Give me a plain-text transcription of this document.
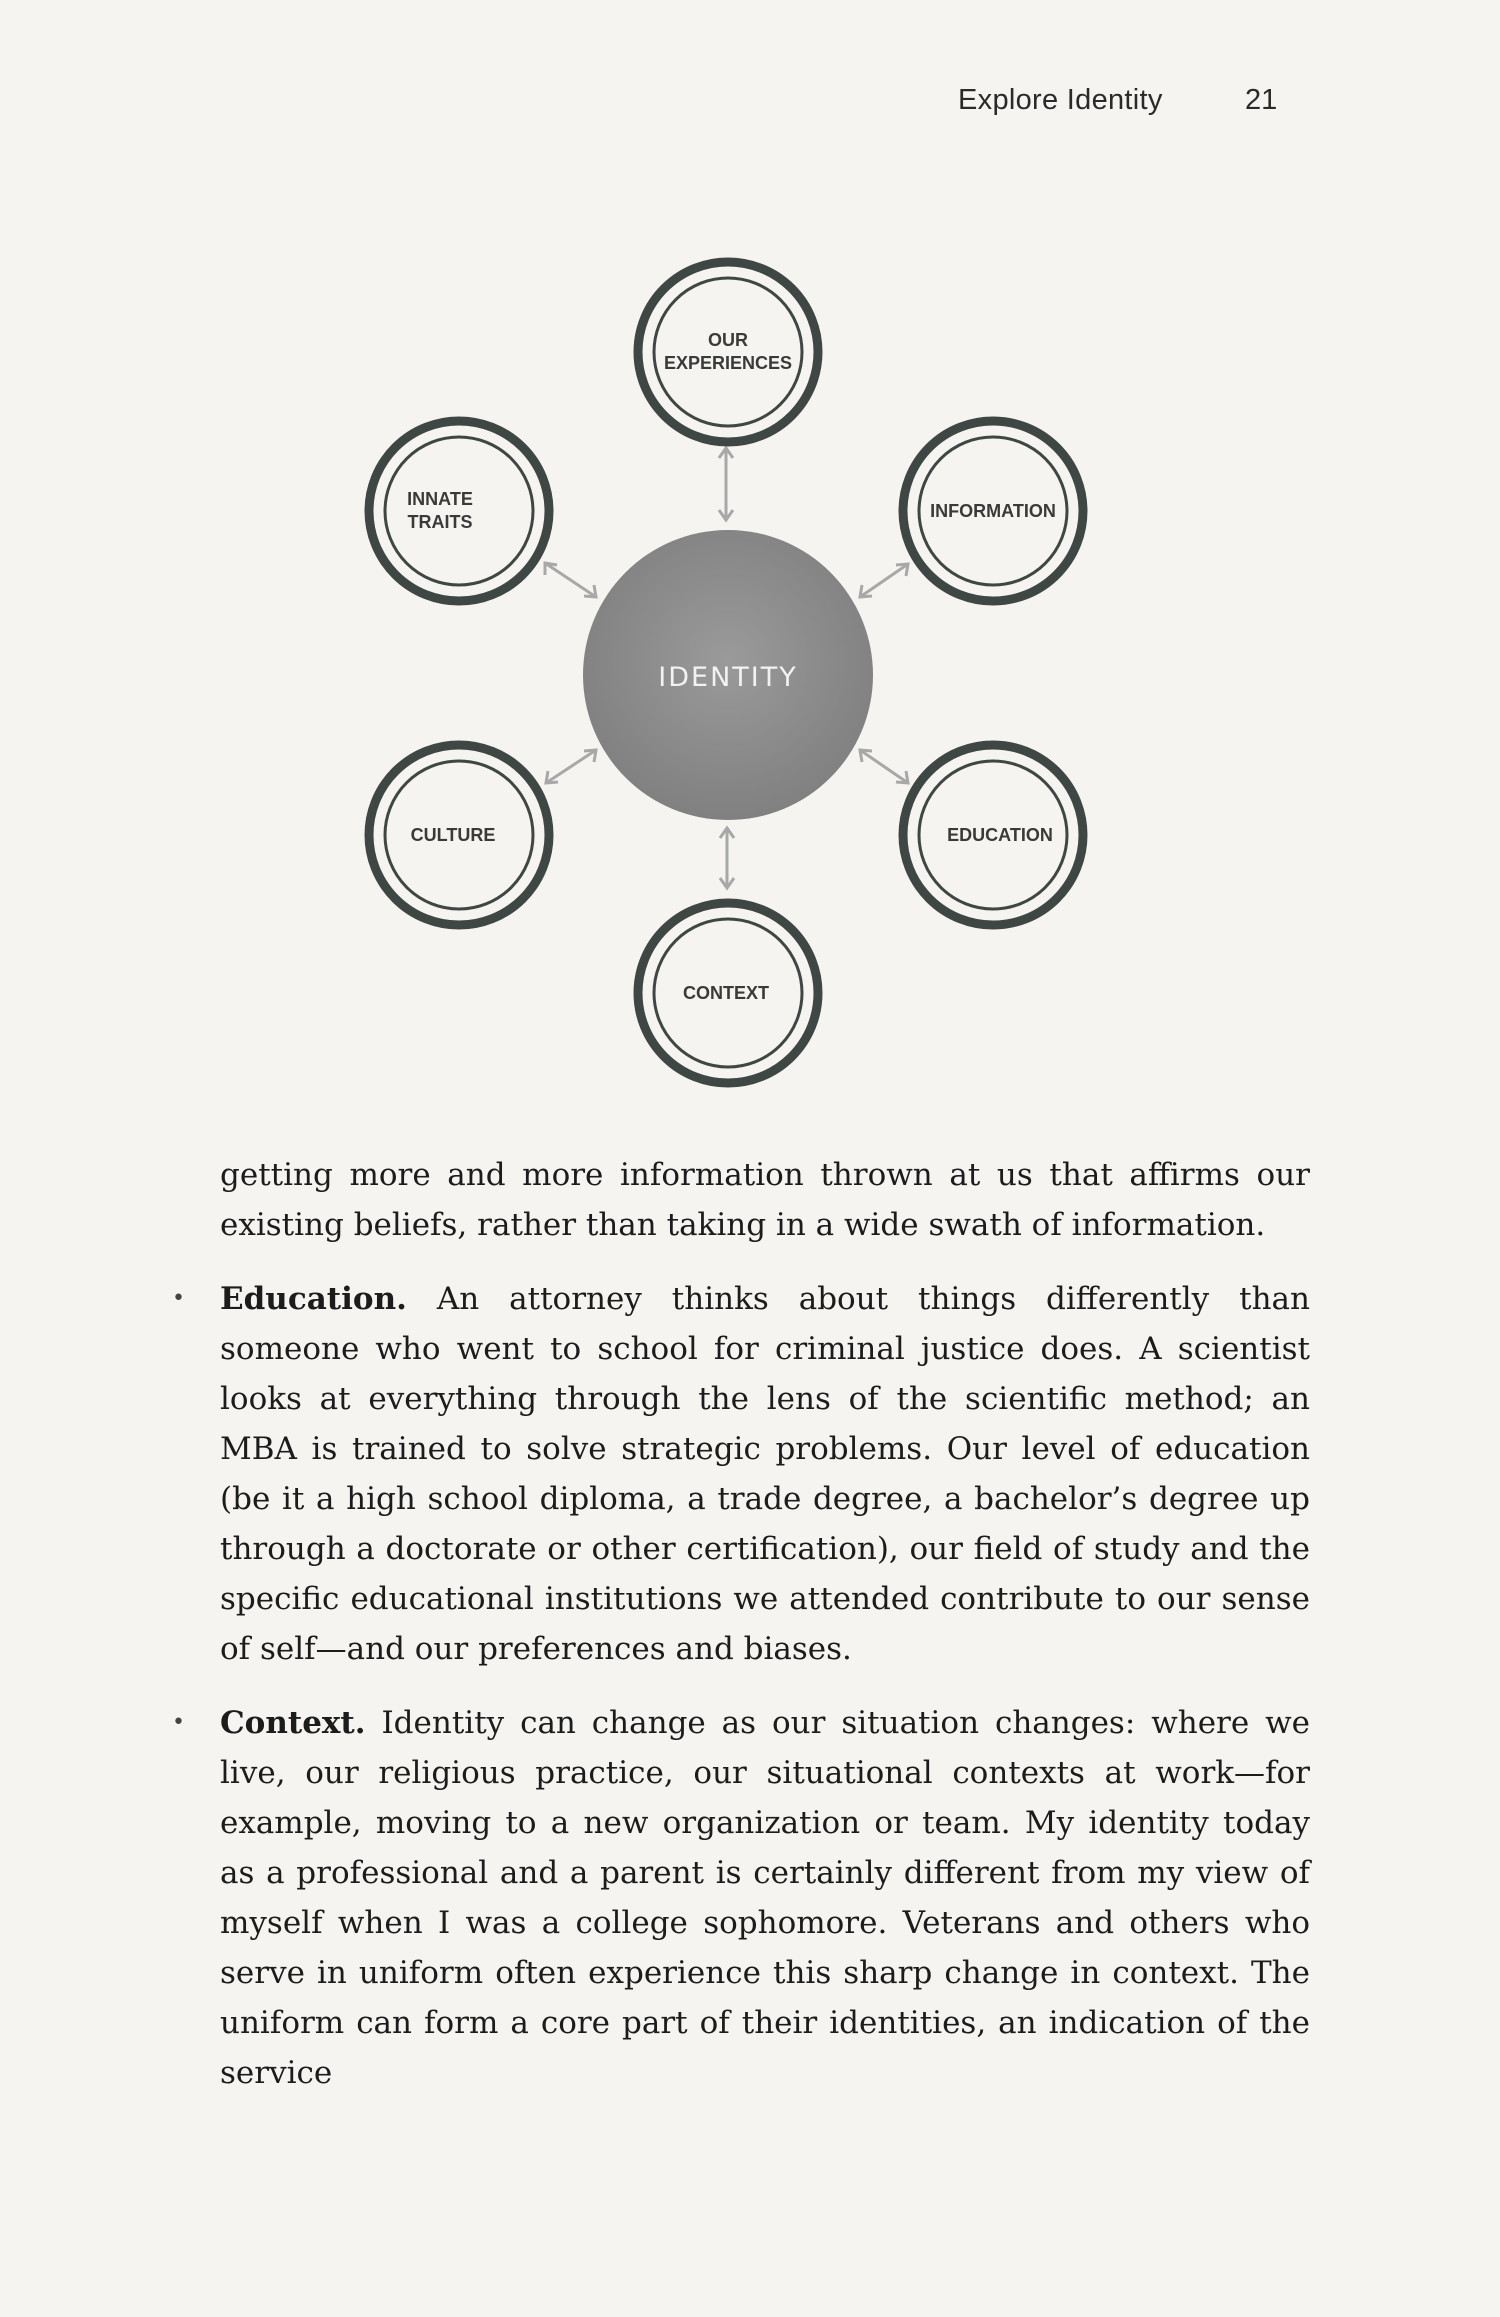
Explore Identity	21
IDENTITY
OUR
EXPERIENCES
INNATE
TRAITS
INFORMATION
CULTURE	EDUCATION
CONTEXT

getting more and more information thrown at us that affirms our existing beliefs, rather than taking in a wide swath of information.

• Education. An attorney thinks about things differently than someone who went to school for criminal justice does. A scientist looks at everything through the lens of the scientific method; an MBA is trained to solve strategic problems. Our level of education (be it a high school diploma, a trade degree, a bachelor’s degree up through a doctorate or other certification), our field of study and the specific educational institutions we attended contribute to our sense of self—and our preferences and biases.
• Context. Identity can change as our situation changes: where we live, our religious practice, our situational contexts at work—for example, moving to a new organization or team. My identity today as a professional and a parent is certainly different from my view of myself when I was a college sophomore. Veterans and others who serve in uniform often experience this sharp change in context. The uniform can form a core part of their identities, an indication of the service
